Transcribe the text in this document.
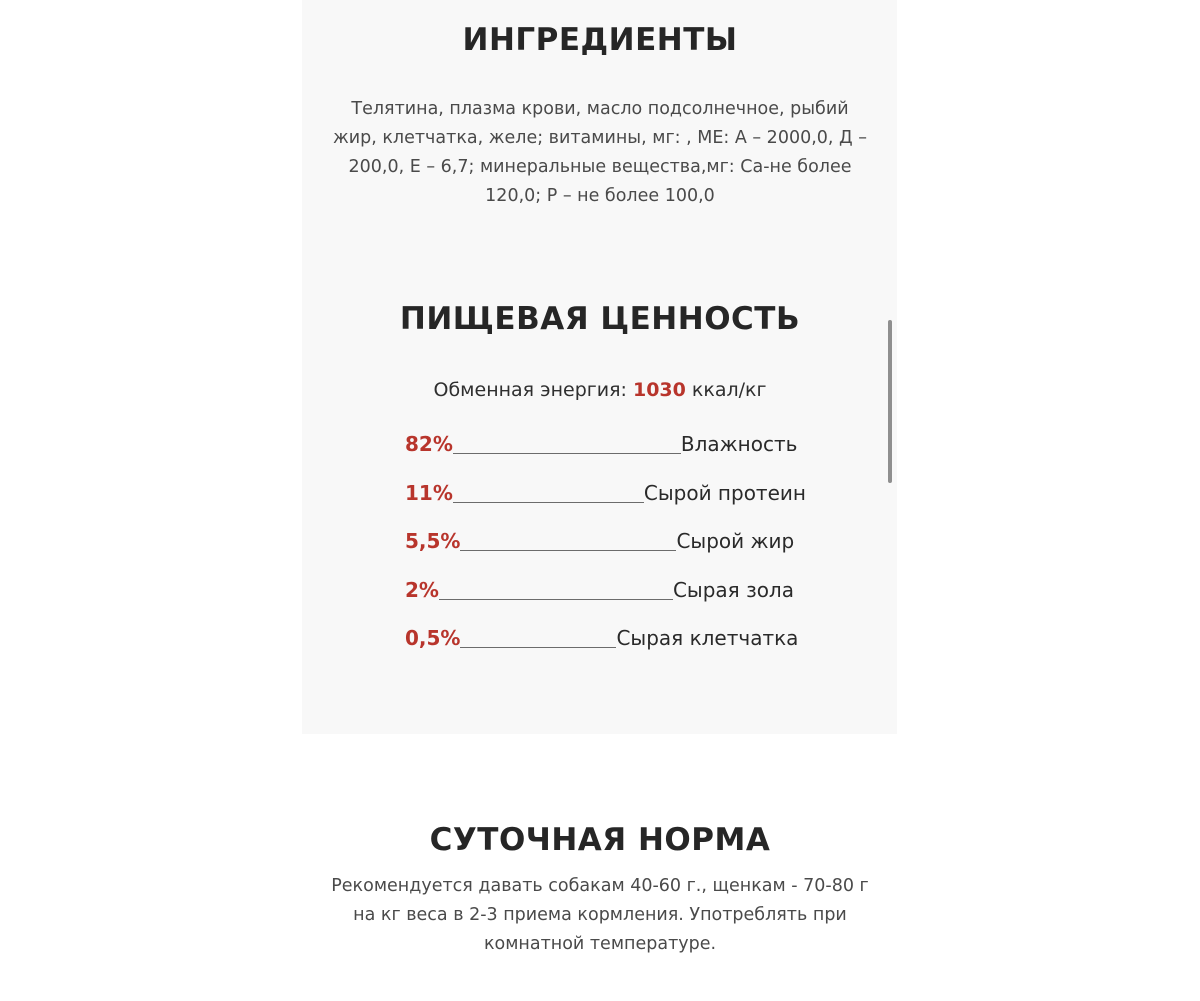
ИНГРЕДИЕНТЫ

Телятина, плазма крови, масло подсолнечное, рыбий
жир, клетчатка, желе; витамины, мг: , МЕ: А – 2000,0, Д –
200,0, Е – 6,7; минеральные вещества,мг: Са-не более
120,0; Р – не более 100,0

ПИЩЕВАЯ ЦЕННОСТЬ
Обменная энергия: 1030 ккал/кг
82%	Влажность
11%	Сырой протеин
5,5%	Сырой жир
2%	Сырая зола
0,5%	Сырая клетчатка
СУТОЧНАЯ НОРМА

Рекомендуется давать собакам 40-60 г., щенкам - 70-80 г
на кг веса в 2-3 приема кормления. Употреблять при
комнатной температуре.
